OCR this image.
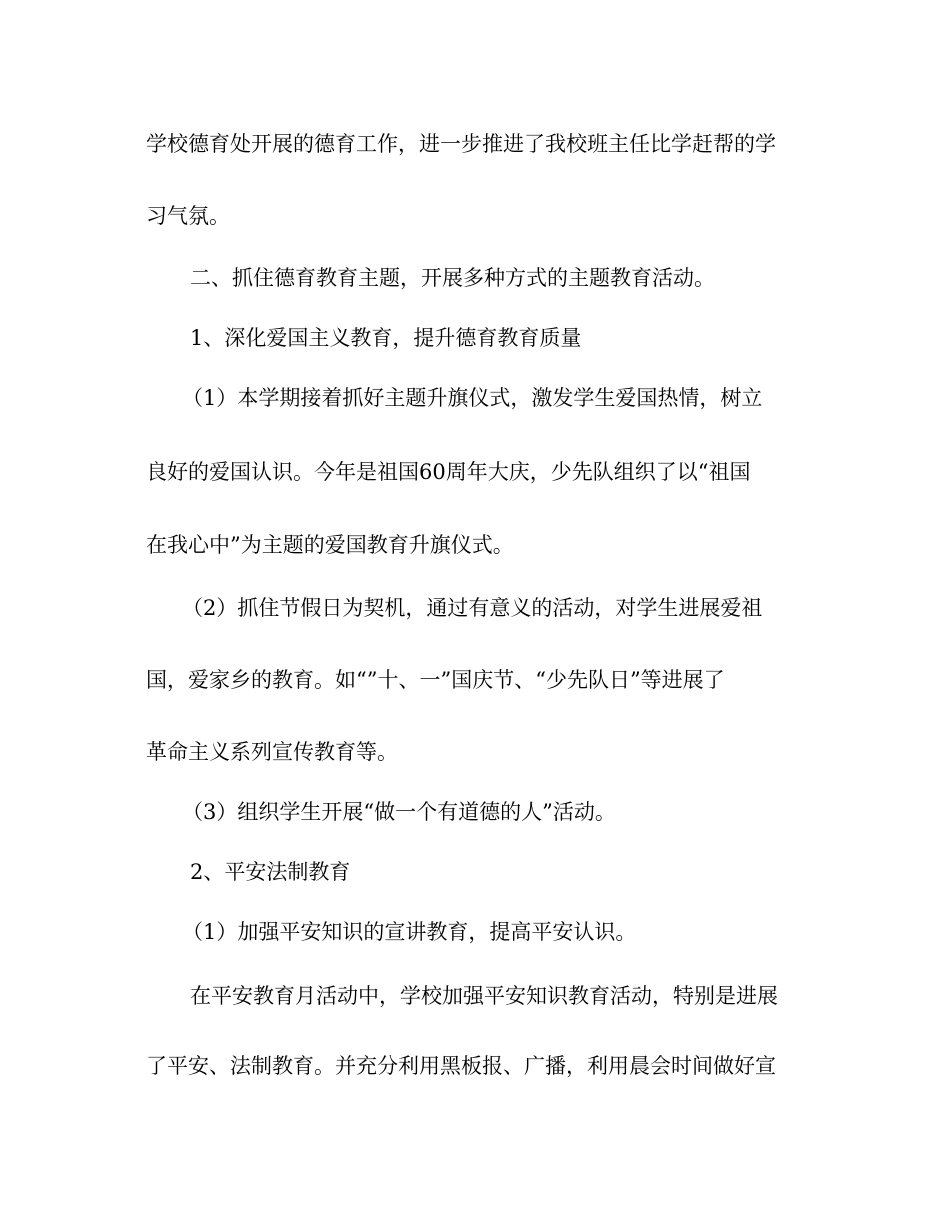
学校德育处开展的德育工作，进一步推进了我校班主任比学赶帮的学
习气氛。
二、抓住德育教育主题，开展多种方式的主题教育活动。
1、深化爱国主义教育，提升德育教育质量
（1）本学期接着抓好主题升旗仪式，激发学生爱国热情，树立
良好的爱国认识。今年是祖国60周年大庆，少先队组织了以“祖国
在我心中”为主题的爱国教育升旗仪式。
（2）抓住节假日为契机，通过有意义的活动，对学生进展爱祖
国，爱家乡的教育。如“”十、一”国庆节、“少先队日”等进展了
革命主义系列宣传教育等。
（3）组织学生开展“做一个有道德的人”活动。
2、平安法制教育
（1）加强平安知识的宣讲教育，提高平安认识。
在平安教育月活动中，学校加强平安知识教育活动，特别是进展
了平安、法制教育。并充分利用黑板报、广播，利用晨会时间做好宣
